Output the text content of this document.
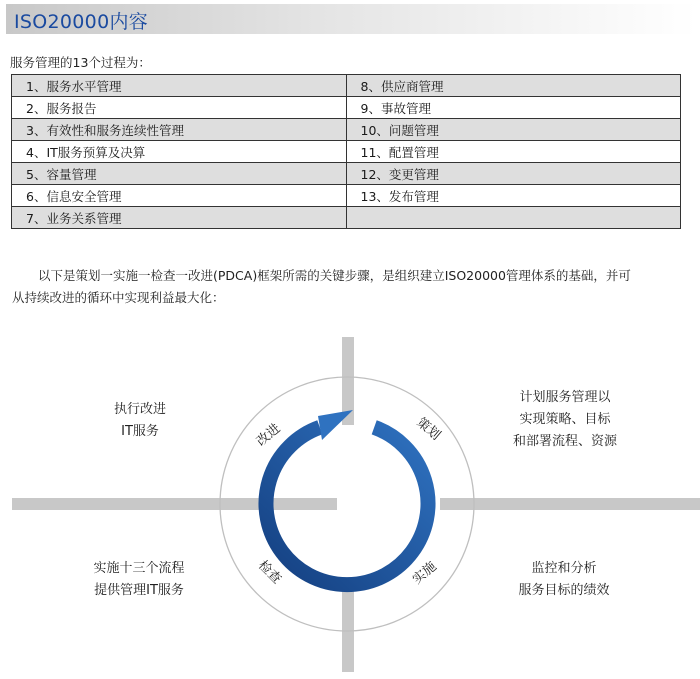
ISO20000内容
服务管理的13个过程为：
1、服务水平管理	8、供应商管理
2、服务报告	9、事故管理
3、有效性和服务连续性管理	10、问题管理
4、IT服务预算及决算	11、配置管理
5、容量管理	12、变更管理
6、信息安全管理	13、发布管理
7、业务关系管理	
以下是策划一实施一检查一改进(PDCA)框架所需的关键步骤，是组织建立ISO20000管理体系的基础，并可
从持续改进的循环中实现利益最大化：
改进	策划
实施
检查
执行改进
IT服务
计划服务管理以
实现策略、目标
和部署流程、资源
实施十三个流程
提供管理IT服务
监控和分析
服务目标的绩效
